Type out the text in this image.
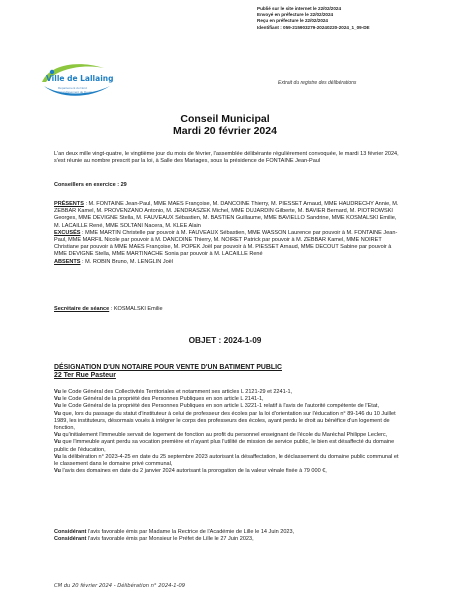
Publié sur le site internet le 22/02/2024
Envoyé en préfecture le 22/02/2024
Reçu en préfecture le 22/02/2024
Identifiant : 059-215903279-20240220-2024_1_09-DE
Ville de Lallaing
Département du Nord
Arrondissement de Douai
Extrait du registre des délibérations
Conseil Municipal
Mardi 20 février 2024

L'an deux mille vingt-quatre, le vingtième jour du mois de février, l'assemblée délibérante régulièrement convoquée, le mardi 13 février 2024, s'est réunie au nombre prescrit par la loi, à Salle des Mariages, sous la présidence de FONTAINE Jean-Paul

Conseillers en exercice : 29

PRÉSENTS : M. FONTAINE Jean-Paul, MME MAES Françoise, M. DANCOINE Thierry, M. PIESSET Arnaud, MME HAUDRECHY Annie, M. ZEBBAR Kamel, M. PROVENZANO Antonio, M. JENDRASZEK Michel, MME DUJARDIN Gilberte, M. BAVIER Bernard, M. PIOTROWSKI Georges, MME DEVIGNE Stella, M. FAUVEAUX Sébastien, M. BASTIEN Guillaume, MME BAVIELLO Sandrine, MME KOSMALSKI Emilie, M. LACAILLE René, MME SOLTANI Nacera, M. KLEE Alain

EXCUSÉS : MME MARTIN Christelle par pouvoir à M. FAUVEAUX Sébastien, MME WASSON Laurence par pouvoir à M. FONTAINE Jean-Paul, MME MARFIL Nicole par pouvoir à M. DANCOINE Thierry, M. NOIRET Patrick par pouvoir à M. ZEBBAR Kamel, MME NOIRET Christiane par pouvoir à MME MAES Françoise, M. POPEK Joël par pouvoir à M. PIESSET Arnaud, MME DECOUT Sabine par pouvoir à MME DEVIGNE Stella, MME MARTINACHE Sonia par pouvoir à M. LACAILLE René

ABSENTS : M. ROBIN Bruno, M. LENGLIN Joël

Secrétaire de séance : KOSMALSKI Emilie

OBJET : 2024-1-09

DÉSIGNATION D'UN NOTAIRE POUR VENTE D'UN BATIMENT PUBLIC

22 Ter Rue Pasteur

Vu le Code Général des Collectivités Territoriales et notamment ses articles L 2121-29 et 2241-1,

Vu le Code Général de la propriété des Personnes Publiques en son article L 2141-1,

Vu le Code Général de la propriété des Personnes Publiques en son article L 3221-1 relatif à l'avis de l'autorité compétente de l'Etat,

Vu que, lors du passage du statut d'instituteur à celui de professeur des écoles par la loi d'orientation sur l'éducation n° 89-146 du 10 Juillet 1989, les instituteurs, désormais voués à intégrer le corps des professeurs des écoles, ayant perdu le droit au bénéfice d'un logement de fonction,

Vu qu'initialement l'immeuble servait de logement de fonction au profit du personnel enseignant de l'école du Maréchal Philippe Leclerc,

Vu que l'immeuble ayant perdu sa vocation première et n'ayant plus l'utilité de mission de service public, le bien est désaffecté du domaine public de l'éducation,

Vu la délibération n° 2023-4-25 en date du 25 septembre 2023 autorisant la désaffectation, le déclassement du domaine public communal et le classement dans le domaine privé communal,

Vu l'avis des domaines en date du 2 janvier 2024 autorisant la prorogation de la valeur vénale fixée à 79 000 €,

Considérant l'avis favorable émis par Madame la Rectrice de l'Académie de Lille le 14 Juin 2023,

Considérant l'avis favorable émis par Monsieur le Préfet de Lille le 27 Juin 2023,

CM du 20 février 2024 - Délibération n° 2024-1-09
